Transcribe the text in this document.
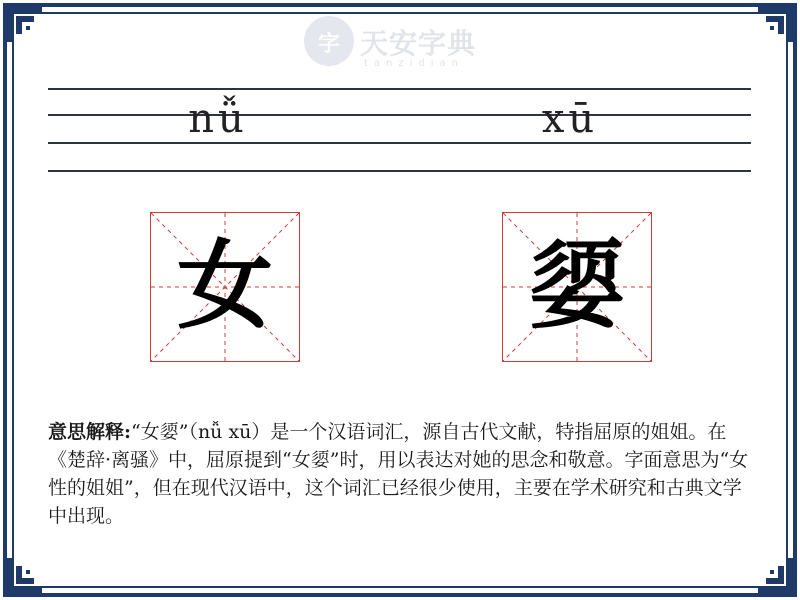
字 天安字典
tanzidian
nǚ	xū
女	媭
意思解释:“女媭”（nǚ xū）是一个汉语词汇，源自古代文献，特指屈原的姐姐。在《楚辞·离骚》中，屈原提到“女媭”时，用以表达对她的思念和敬意。字面意思为“女性的姐姐”，但在现代汉语中，这个词汇已经很少使用，主要在学术研究和古典文学中出现。
